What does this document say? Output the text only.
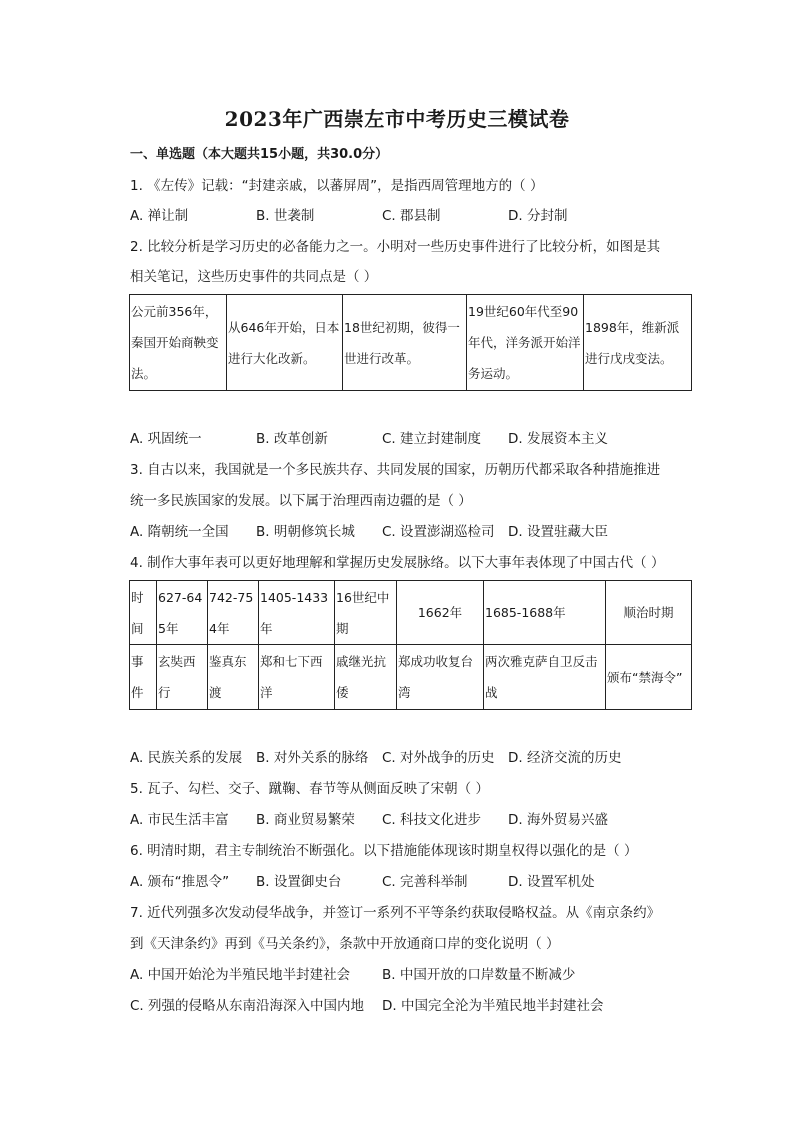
2023年广西崇左市中考历史三模试卷
一、单选题（本大题共15小题，共30.0分）
1. 《左传》记载：“封建亲戚，以蕃屏周”，是指西周管理地方的（ ）
A. 禅让制	B. 世袭制	C. 郡县制	D. 分封制
2. 比较分析是学习历史的必备能力之一。小明对一些历史事件进行了比较分析，如图是其
相关笔记，这些历史事件的共同点是（ ）
公元前356年，秦国开始商鞅变法。	从646年开始，日本进行大化改新。	18世纪初期，彼得一世进行改革。	19世纪60年代至90年代，洋务派开始洋务运动。	1898年，维新派进行戊戌变法。
A. 巩固统一	B. 改革创新	C. 建立封建制度 D. 发展资本主义
3. 自古以来，我国就是一个多民族共存、共同发展的国家，历朝历代都采取各种措施推进
统一多民族国家的发展。以下属于治理西南边疆的是（ ）
A. 隋朝统一全国 B. 明朝修筑长城 C. 设置澎湖巡检司 D. 设置驻藏大臣
4. 制作大事年表可以更好地理解和掌握历史发展脉络。以下大事年表体现了中国古代（ ）
时间	627-645年	742-754年	1405-1433年	16世纪中期	1662年	1685-1688年	顺治时期
事件	玄奘西行	鉴真东渡	郑和七下西洋	戚继光抗倭	郑成功收复台湾	两次雅克萨自卫反击战	颁布“禁海令”
A. 民族关系的发展 B. 对外关系的脉络 C. 对外战争的历史 D. 经济交流的历史
5. 瓦子、勾栏、交子、蹴鞠、春节等从侧面反映了宋朝（ ）
A. 市民生活丰富 B. 商业贸易繁荣 C. 科技文化进步 D. 海外贸易兴盛
6. 明清时期，君主专制统治不断强化。以下措施能体现该时期皇权得以强化的是（ ）
A. 颁布“推恩令” B. 设置御史台	C. 完善科举制	D. 设置军机处
7. 近代列强多次发动侵华战争，并签订一系列不平等条约获取侵略权益。从《南京条约》
到《天津条约》再到《马关条约》，条款中开放通商口岸的变化说明（ ）
A. 中国开始沦为半殖民地半封建社会 B. 中国开放的口岸数量不断减少
C. 列强的侵略从东南沿海深入中国内地 D. 中国完全沦为半殖民地半封建社会
